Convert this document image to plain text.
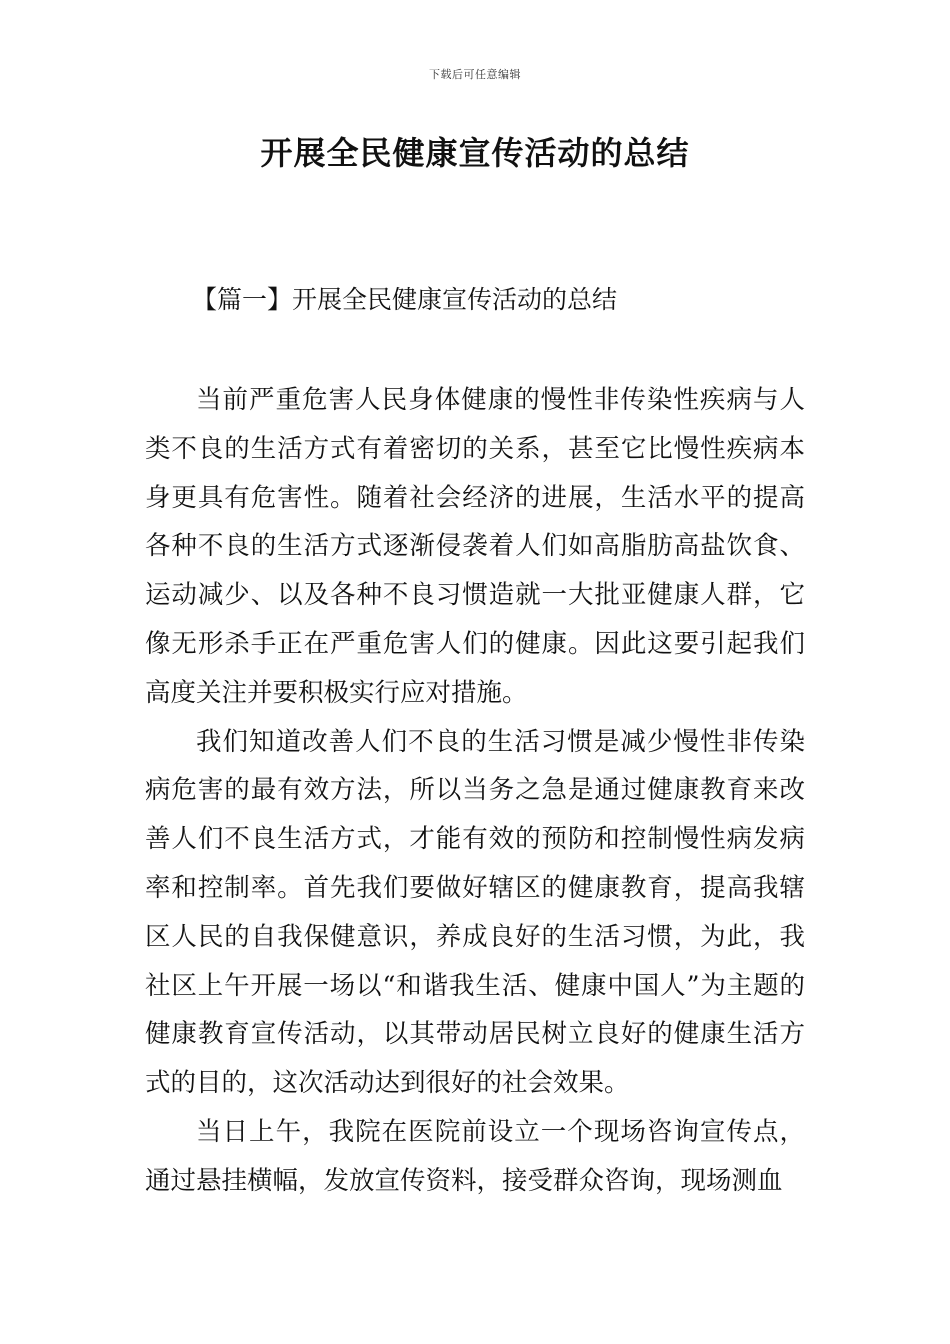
下载后可任意编辑
开展全民健康宣传活动的总结
【篇一】开展全民健康宣传活动的总结

当前严重危害人民身体健康的慢性非传染性疾病与人类不良的生活方式有着密切的关系，甚至它比慢性疾病本身更具有危害性。随着社会经济的进展，生活水平的提高各种不良的生活方式逐渐侵袭着人们如高脂肪高盐饮食、运动减少、以及各种不良习惯造就一大批亚健康人群，它像无形杀手正在严重危害人们的健康。因此这要引起我们高度关注并要积极实行应对措施。

我们知道改善人们不良的生活习惯是减少慢性非传染病危害的最有效方法，所以当务之急是通过健康教育来改善人们不良生活方式，才能有效的预防和控制慢性病发病率和控制率。首先我们要做好辖区的健康教育，提高我辖区人民的自我保健意识，养成良好的生活习惯，为此，我社区上午开展一场以“和谐我生活、健康中国人”为主题的健康教育宣传活动，以其带动居民树立良好的健康生活方式的目的，这次活动达到很好的社会效果。

当日上午，我院在医院前设立一个现场咨询宣传点，通过悬挂横幅，发放宣传资料，接受群众咨询，现场测血
